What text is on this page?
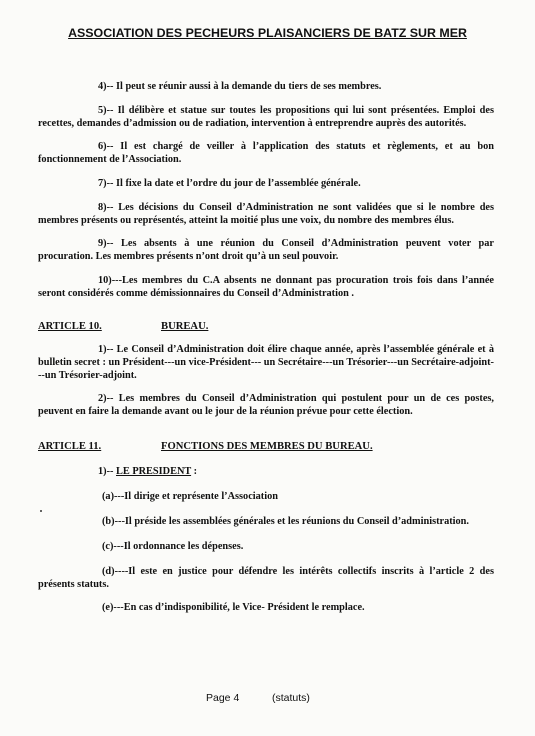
ASSOCIATION DES PECHEURS PLAISANCIERS DE BATZ SUR MER
4)-- Il peut se réunir aussi à la demande du tiers de ses membres.
5)-- Il délibère et statue sur toutes les propositions qui lui sont présentées. Emploi des recettes, demandes d’admission ou de radiation, intervention à entreprendre auprès des autorités.
6)-- Il est chargé de veiller à l’application des statuts et règlements, et au bon fonctionnement de l’Association.
7)-- Il fixe la date et l’ordre du jour de l’assemblée générale.
8)-- Les décisions du Conseil d’Administration ne sont validées que si le nombre des membres présents ou représentés, atteint la moitié plus une voix, du nombre des membres élus.
9)-- Les absents à une réunion du Conseil d’Administration peuvent voter par procuration. Les membres présents n’ont droit qu’à un seul pouvoir.
10)---Les membres du C.A absents ne donnant pas procuration trois fois dans l’année seront considérés comme démissionnaires du Conseil d’Administration .
ARTICLE 10.	BUREAU.
1)-- Le Conseil d’Administration doit élire chaque année, après l’assemblée générale et à bulletin secret : un Président---un vice-Président--- un Secrétaire---un Trésorier---un Secrétaire-adjoint---un Trésorier-adjoint.
2)-- Les membres du Conseil d’Administration qui postulent pour un de ces postes, peuvent en faire la demande avant ou le jour de la réunion prévue pour cette élection.
ARTICLE 11.	FONCTIONS DES MEMBRES DU BUREAU.
1)-- LE PRESIDENT :
(a)---Il dirige et représente l’Association
(b)---Il préside les assemblées générales et les réunions du Conseil d’administration.
(c)---Il ordonnance les dépenses.
(d)----Il este en justice pour défendre les intérêts collectifs inscrits à l’article 2 des présents statuts.
(e)---En cas d’indisponibilité, le Vice- Président le remplace.
Page 4	(statuts)
